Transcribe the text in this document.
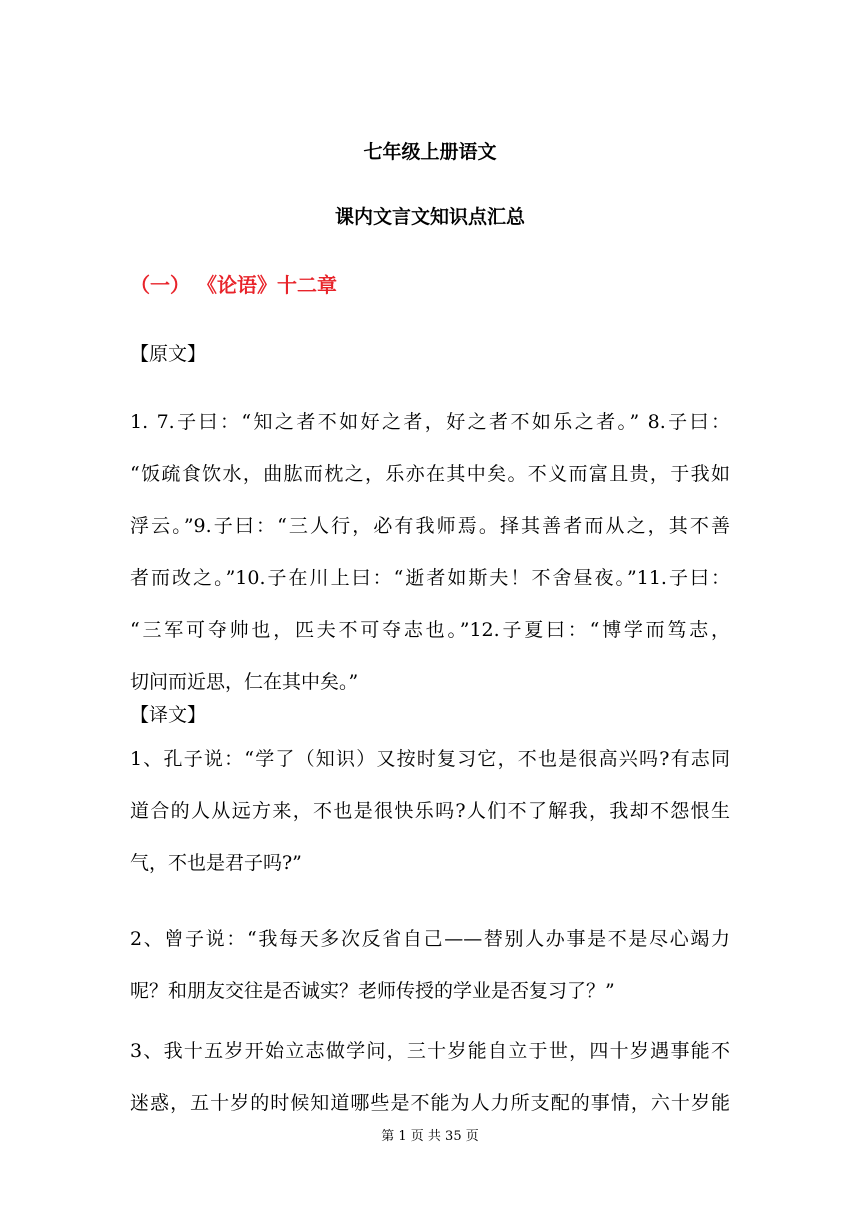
七年级上册语文
课内文言文知识点汇总
（一） 《论语》十二章
【原文】
1. 7.子曰：“知之者不如好之者，好之者不如乐之者。” 8.子曰：
“饭疏食饮水，曲肱而枕之，乐亦在其中矣。不义而富且贵，于我如
浮云。”9.子曰：“三人行，必有我师焉。择其善者而从之，其不善
者而改之。”10.子在川上曰：“逝者如斯夫！不舍昼夜。”11.子曰：
“三军可夺帅也，匹夫不可夺志也。”12.子夏曰：“博学而笃志，
切问而近思，仁在其中矣。”
【译文】
1、孔子说：“学了（知识）又按时复习它，不也是很高兴吗?有志同
道合的人从远方来，不也是很快乐吗?人们不了解我，我却不怨恨生
气，不也是君子吗?”
2、曾子说：“我每天多次反省自己——替别人办事是不是尽心竭力
呢？和朋友交往是否诚实？老师传授的学业是否复习了？”
3、我十五岁开始立志做学问，三十岁能自立于世，四十岁遇事能不
迷惑，五十岁的时候知道哪些是不能为人力所支配的事情，六十岁能
第 1 页 共 35 页
